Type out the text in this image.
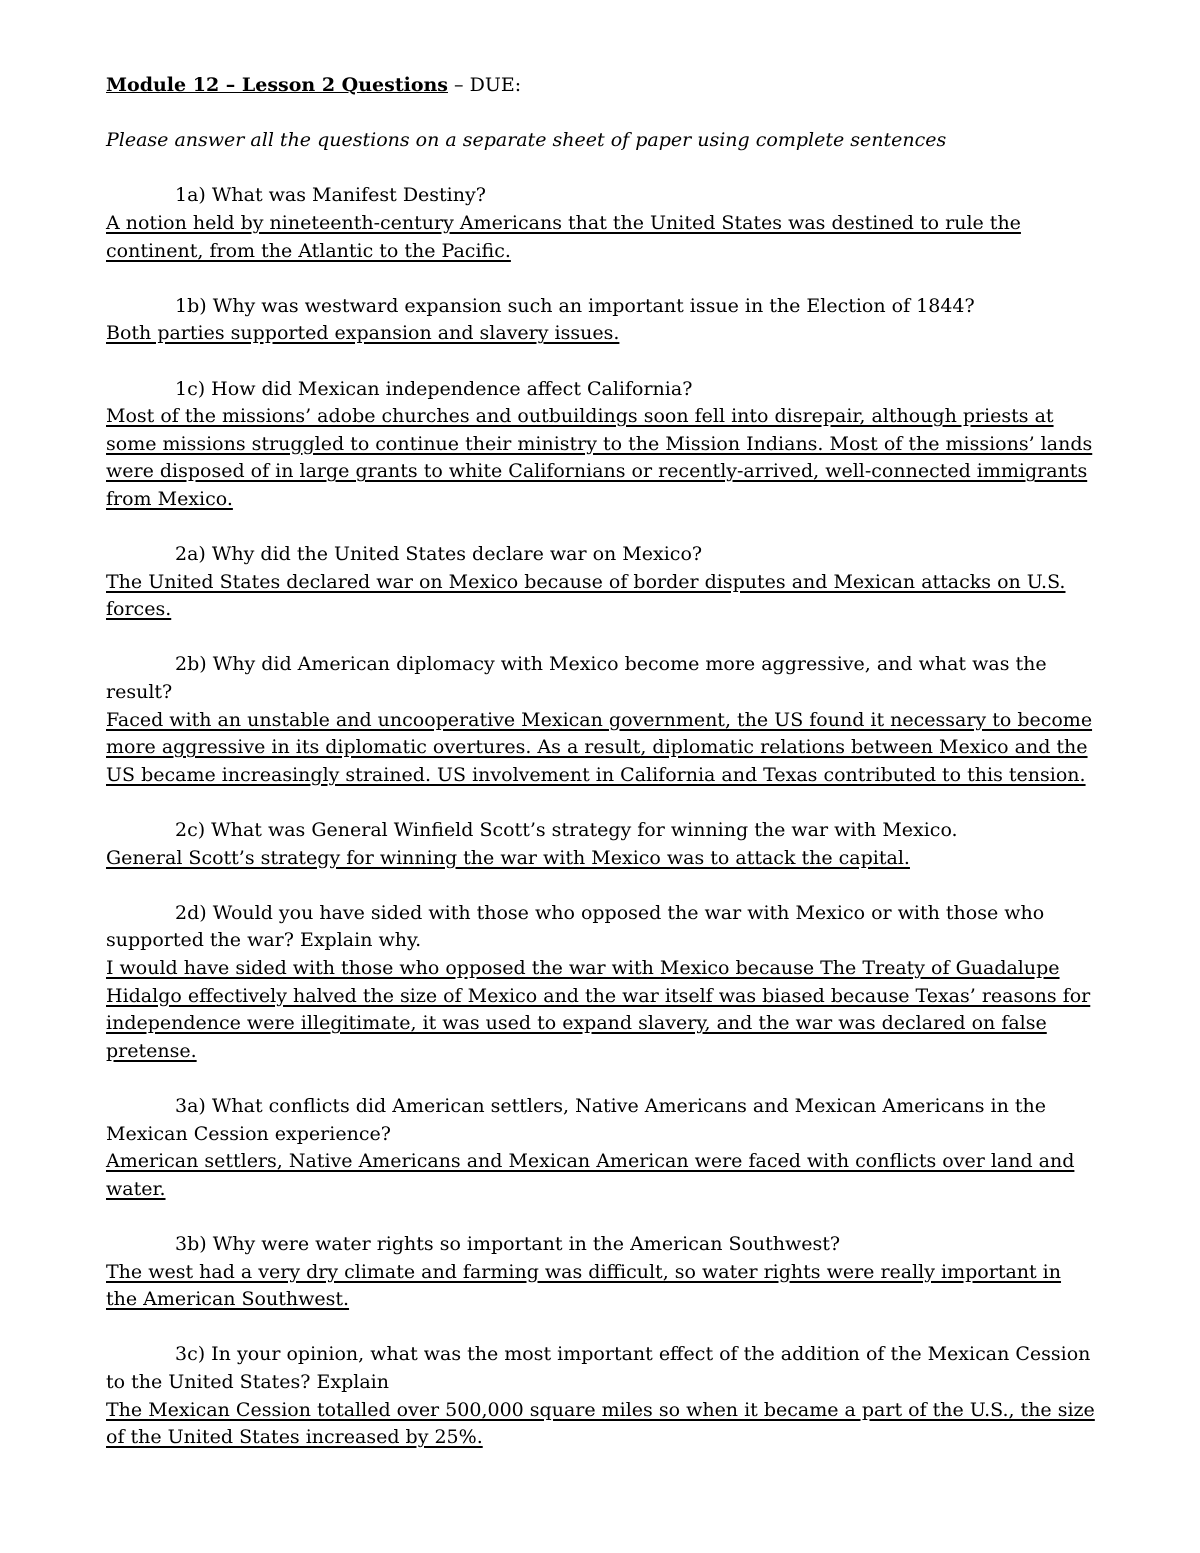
Module 12 – Lesson 2 Questions – DUE:

Please answer all the questions on a separate sheet of paper using complete sentences

1a) What was Manifest Destiny?

A notion held by nineteenth-century Americans that the United States was destined to rule the continent, from the Atlantic to the Pacific.

1b) Why was westward expansion such an important issue in the Election of 1844?

Both parties supported expansion and slavery issues.

1c) How did Mexican independence affect California?

Most of the missions’ adobe churches and outbuildings soon fell into disrepair, although priests at some missions struggled to continue their ministry to the Mission Indians. Most of the missions’ lands were disposed of in large grants to white Californians or recently-arrived, well-connected immigrants from Mexico.

2a) Why did the United States declare war on Mexico?

The United States declared war on Mexico because of border disputes and Mexican attacks on U.S. forces.

2b) Why did American diplomacy with Mexico become more aggressive, and what was the result?

Faced with an unstable and uncooperative Mexican government, the US found it necessary to become more aggressive in its diplomatic overtures. As a result, diplomatic relations between Mexico and the US became increasingly strained. US involvement in California and Texas contributed to this tension.

2c) What was General Winfield Scott’s strategy for winning the war with Mexico.

General Scott’s strategy for winning the war with Mexico was to attack the capital.

2d) Would you have sided with those who opposed the war with Mexico or with those who supported the war? Explain why.

I would have sided with those who opposed the war with Mexico because The Treaty of Guadalupe Hidalgo effectively halved the size of Mexico and the war itself was biased because Texas’ reasons for independence were illegitimate, it was used to expand slavery, and the war was declared on false pretense.

3a) What conflicts did American settlers, Native Americans and Mexican Americans in the Mexican Cession experience?

American settlers, Native Americans and Mexican American were faced with conflicts over land and water.

3b) Why were water rights so important in the American Southwest?

The west had a very dry climate and farming was difficult, so water rights were really important in the American Southwest.

3c) In your opinion, what was the most important effect of the addition of the Mexican Cession to the United States? Explain

The Mexican Cession totalled over 500,000 square miles so when it became a part of the U.S., the size of the United States increased by 25%.
